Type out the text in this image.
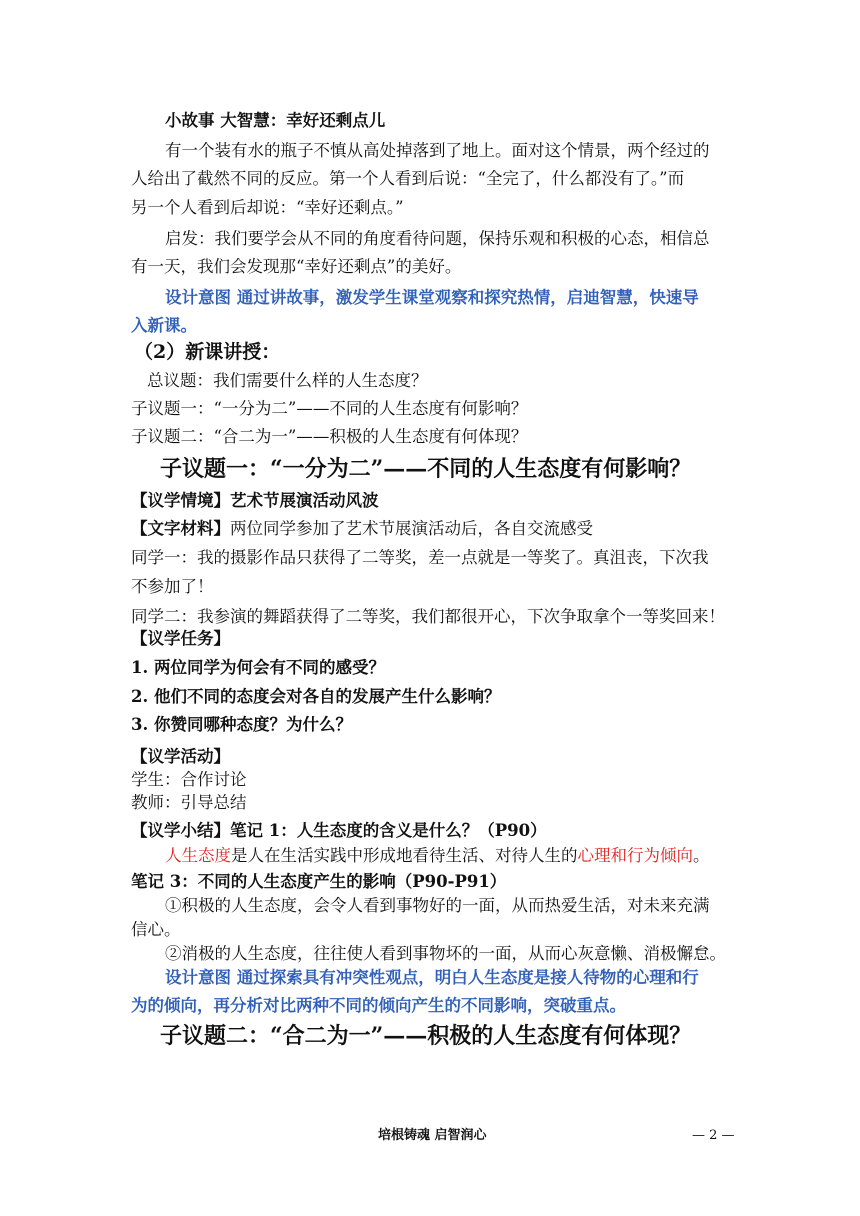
小故事 大智慧：幸好还剩点儿
有一个装有水的瓶子不慎从高处掉落到了地上。面对这个情景，两个经过的
人给出了截然不同的反应。第一个人看到后说：“全完了，什么都没有了。”而
另一个人看到后却说：“幸好还剩点。”
启发：我们要学会从不同的角度看待问题，保持乐观和积极的心态，相信总
有一天，我们会发现那“幸好还剩点”的美好。
设计意图 通过讲故事，激发学生课堂观察和探究热情，启迪智慧，快速导
入新课。
（2）新课讲授：
总议题：我们需要什么样的人生态度？
子议题一：“一分为二”——不同的人生态度有何影响？
子议题二：“合二为一”——积极的人生态度有何体现？
子议题一：“一分为二”——不同的人生态度有何影响？
【议学情境】艺术节展演活动风波
【文字材料】两位同学参加了艺术节展演活动后，各自交流感受
同学一：我的摄影作品只获得了二等奖，差一点就是一等奖了。真沮丧，下次我
不参加了！
同学二：我参演的舞蹈获得了二等奖，我们都很开心，下次争取拿个一等奖回来！
【议学任务】
1. 两位同学为何会有不同的感受？
2. 他们不同的态度会对各自的发展产生什么影响？
3. 你赞同哪种态度？为什么？
【议学活动】
学生：合作讨论
教师：引导总结
【议学小结】笔记 1：人生态度的含义是什么？（P90）
人生态度是人在生活实践中形成地看待生活、对待人生的心理和行为倾向。
笔记 3：不同的人生态度产生的影响（P90-P91）
①积极的人生态度，会令人看到事物好的一面，从而热爱生活，对未来充满
信心。
②消极的人生态度，往往使人看到事物坏的一面，从而心灰意懒、消极懈怠。
设计意图 通过探索具有冲突性观点，明白人生态度是接人待物的心理和行
为的倾向，再分析对比两种不同的倾向产生的不同影响，突破重点。
子议题二：“合二为一”——积极的人生态度有何体现？
培根铸魂 启智润心	— 2 —
